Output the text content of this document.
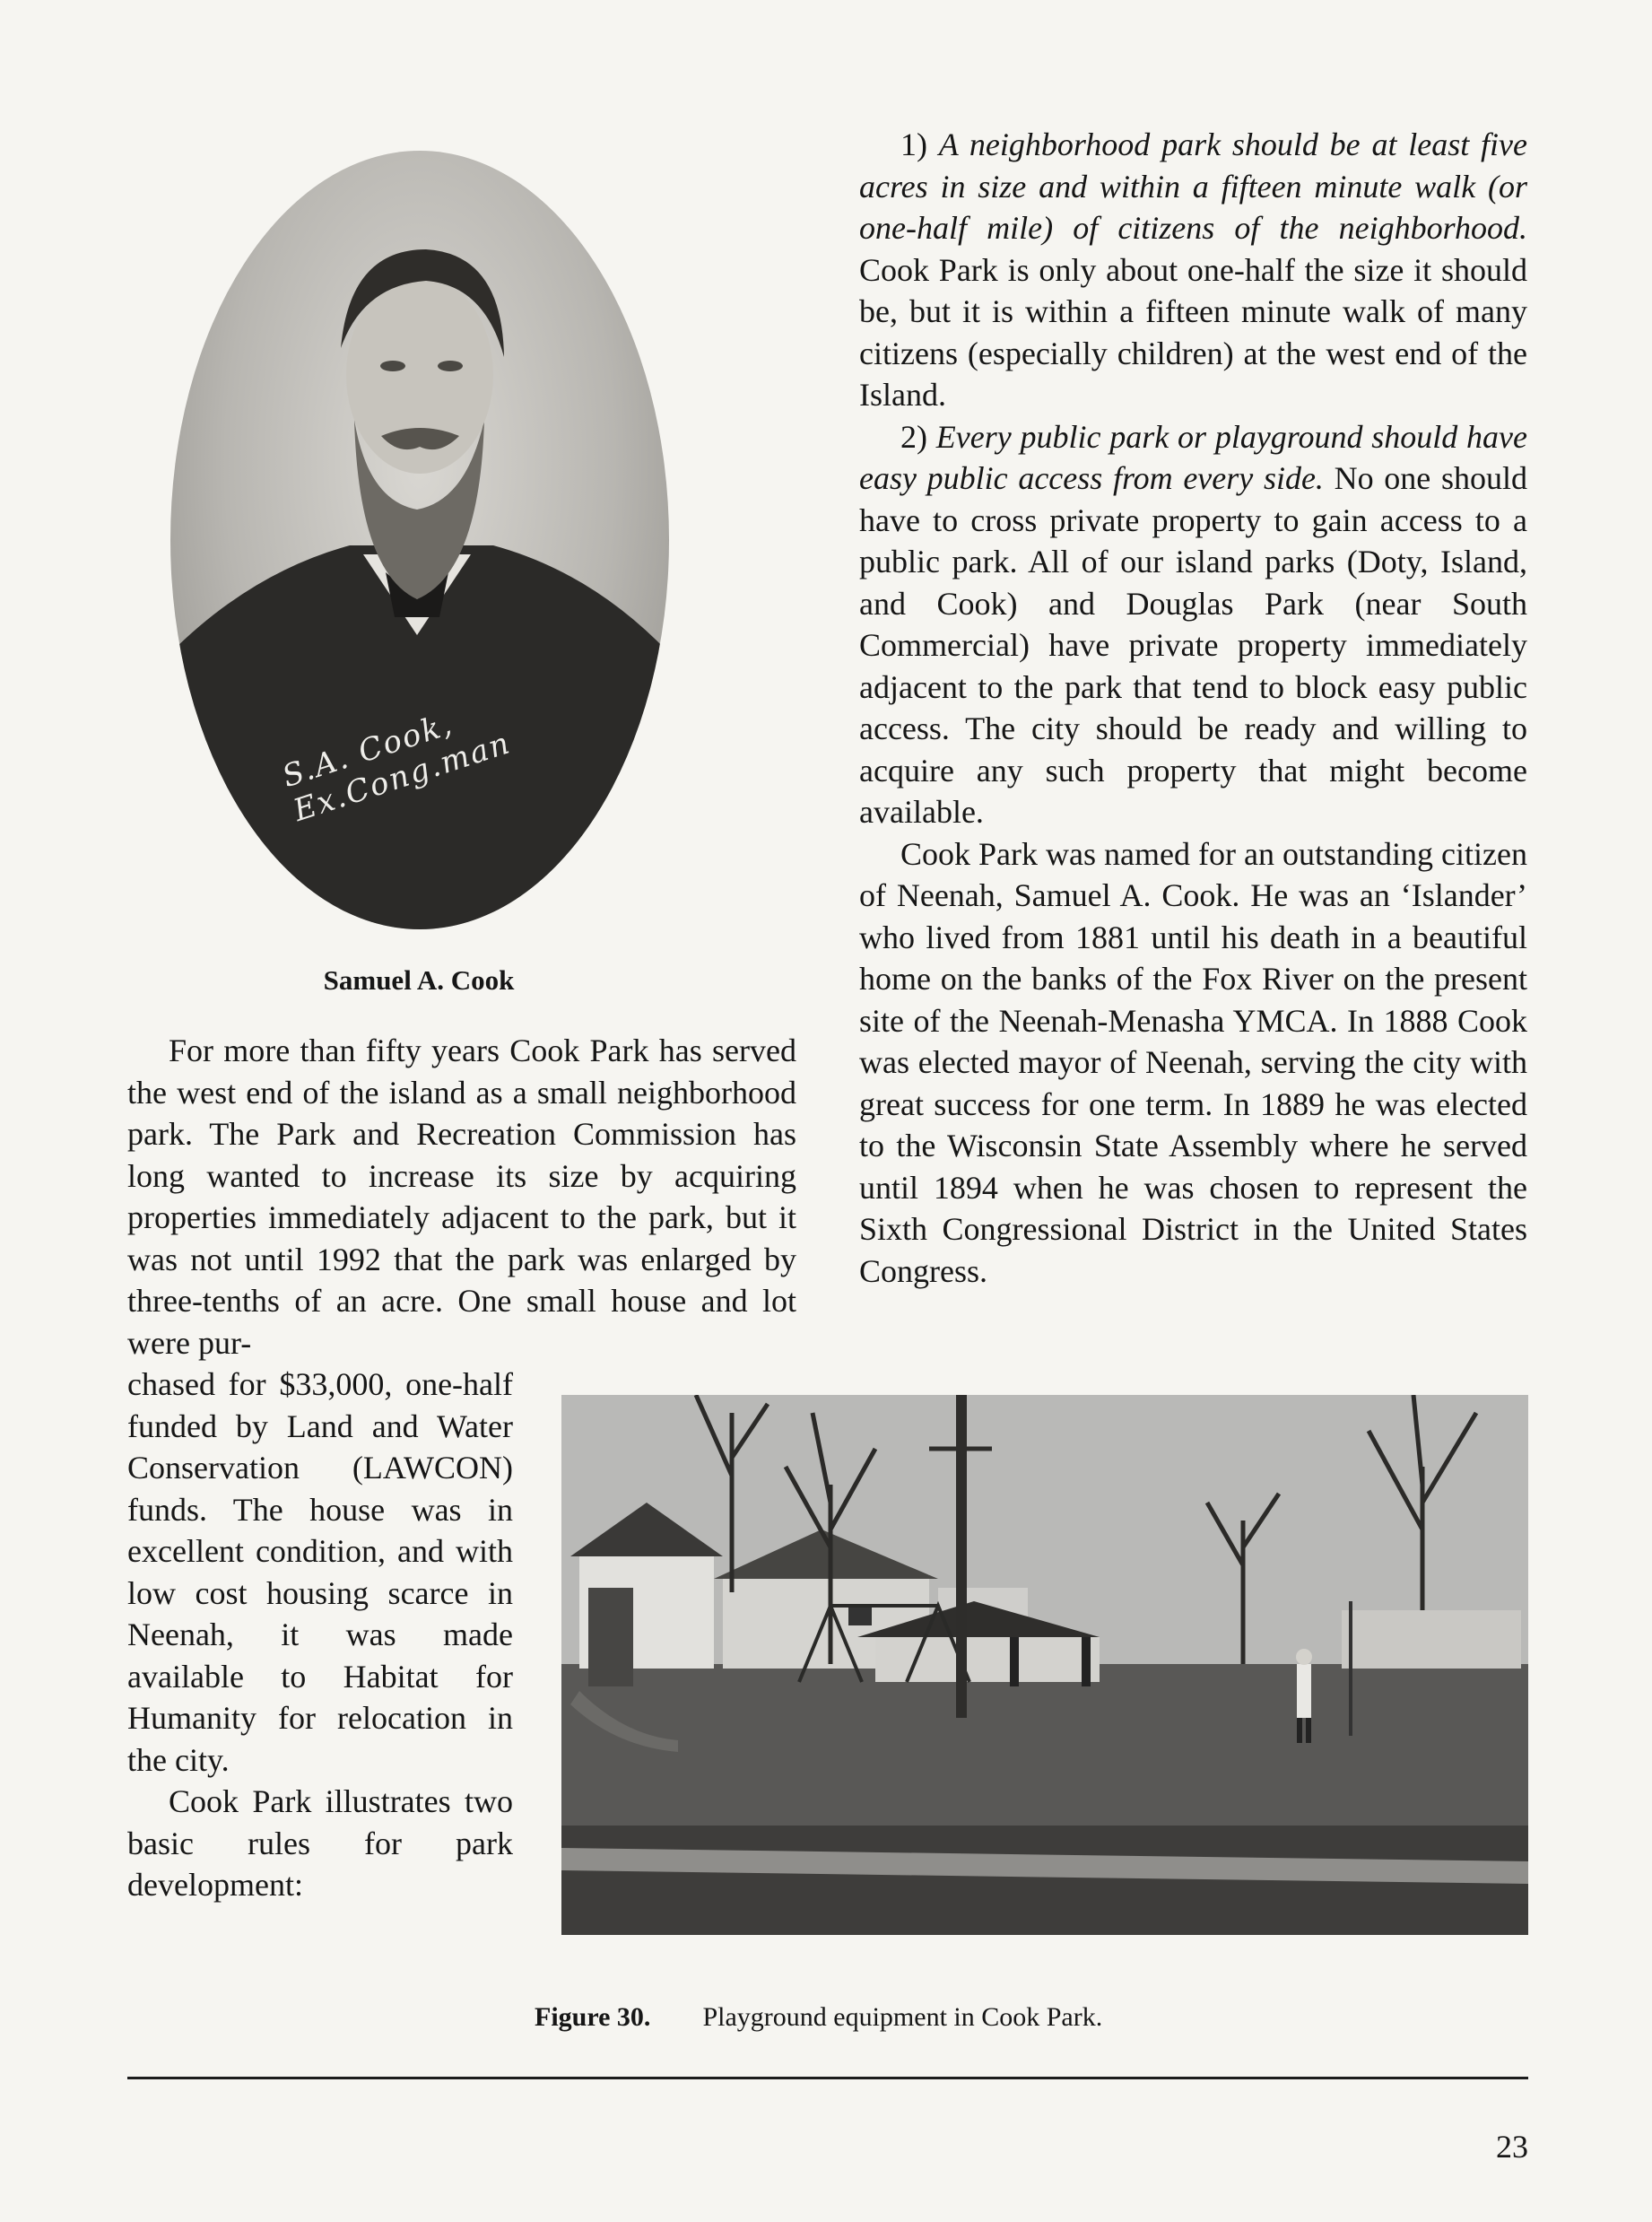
S.A. Cook, Ex.Cong.man
Samuel A. Cook

For more than fifty years Cook Park has served the west end of the island as a small neighborhood park. The Park and Recreation Commission has long wanted to increase its size by acquiring properties immediately adjacent to the park, but it was not until 1992 that the park was enlarged by three-tenths of an acre. One small house and lot were pur-

chased for $33,000, one-half funded by Land and Water Conservation (LAWCON) funds. The house was in excellent condition, and with low cost housing scarce in Neenah, it was made available to Habitat for Humanity for relocation in the city.

Cook Park illustrates two basic rules for park development:

1) A neighborhood park should be at least five acres in size and within a fifteen minute walk (or one-half mile) of citizens of the neighborhood. Cook Park is only about one-half the size it should be, but it is within a fifteen minute walk of many citizens (especially children) at the west end of the Island.

2) Every public park or playground should have easy public access from every side. No one should have to cross private property to gain access to a public park. All of our island parks (Doty, Island, and Cook) and Douglas Park (near South Commercial) have private property immediately adjacent to the park that tend to block easy public access. The city should be ready and willing to acquire any such property that might become available.

Cook Park was named for an outstanding citizen of Neenah, Samuel A. Cook. He was an ‘Islander’ who lived from 1881 until his death in a beautiful home on the banks of the Fox River on the present site of the Neenah-Menasha YMCA. In 1888 Cook was elected mayor of Neenah, serving the city with great success for one term. In 1889 he was elected to the Wisconsin State Assembly where he served until 1894 when he was chosen to represent the Sixth Congressional District in the United States Congress.

Figure 30. Playground equipment in Cook Park.
23
